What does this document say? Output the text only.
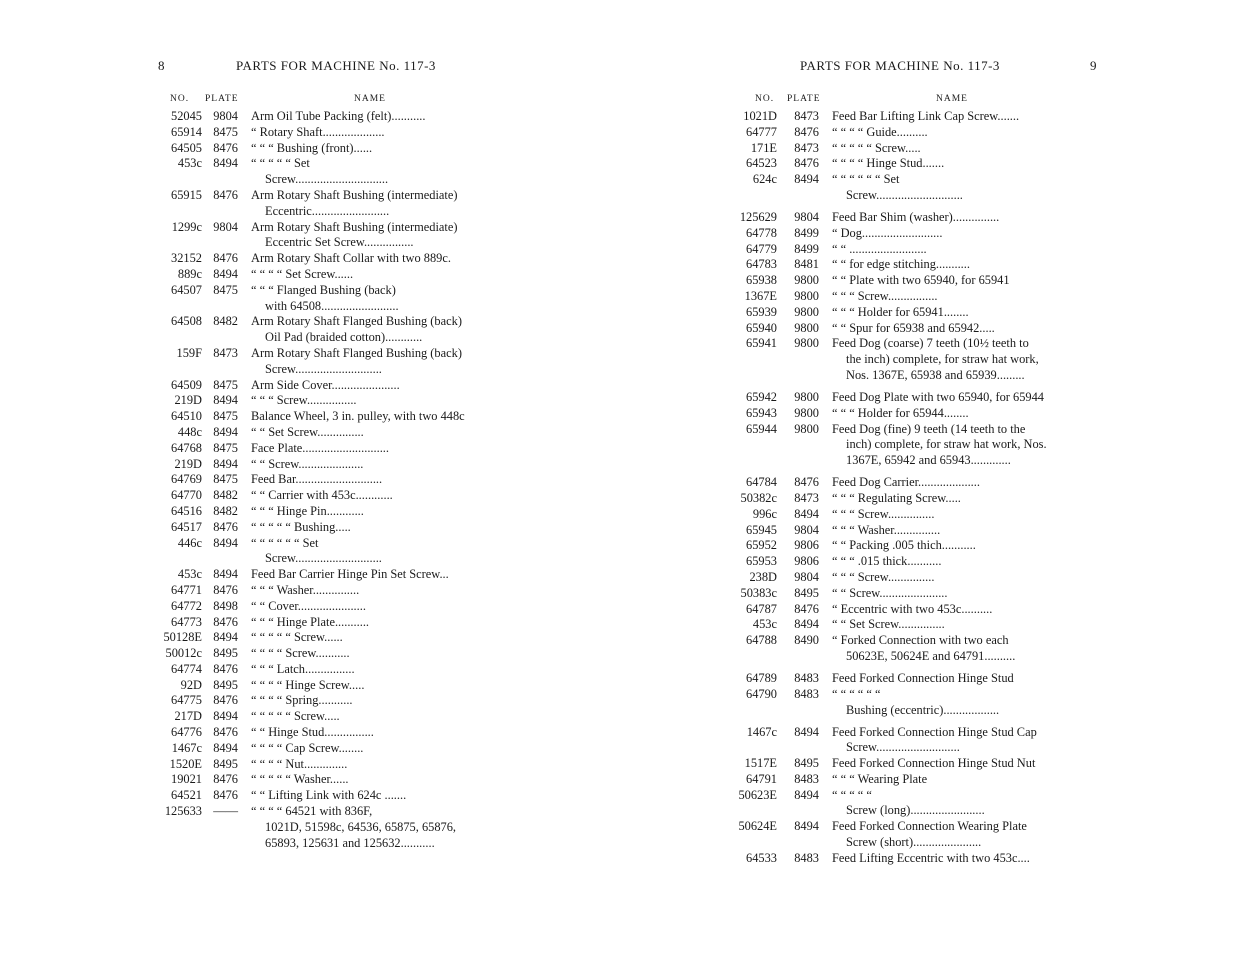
8	PARTS FOR MACHINE No. 117-3
NO. PLATE	NAME
52045 9804 Arm Oil Tube Packing (felt)...........
65914 8475 “ Rotary Shaft....................
64505 8476 “ “ “ Bushing (front)......
453c 8494 “ “ “ “ “ Set
Screw..............................
65915 8476 Arm Rotary Shaft Bushing (intermediate)
Eccentric.........................
1299c 9804 Arm Rotary Shaft Bushing (intermediate)
Eccentric Set Screw................
32152 8476 Arm Rotary Shaft Collar with two 889c.
889c 8494 “ “ “ “ Set Screw......
64507 8475 “ “ “ Flanged Bushing (back)
with 64508.........................
64508 8482 Arm Rotary Shaft Flanged Bushing (back)
Oil Pad (braided cotton)............
159F 8473 Arm Rotary Shaft Flanged Bushing (back)
Screw............................
64509 8475 Arm Side Cover......................
219D 8494 “ “ “ Screw................
64510 8475 Balance Wheel, 3 in. pulley, with two 448c
448c 8494 “ “ Set Screw...............
64768 8475 Face Plate............................
219D 8494 “ “ Screw.....................
64769 8475 Feed Bar............................
64770 8482 “ “ Carrier with 453c............
64516 8482 “ “ “ Hinge Pin............
64517 8476 “ “ “ “ “ Bushing.....
446c 8494 “ “ “ “ “ “ Set
Screw............................
453c 8494 Feed Bar Carrier Hinge Pin Set Screw...
64771 8476 “ “ “ Washer...............
64772 8498 “ “ Cover......................
64773 8476 “ “ “ Hinge Plate...........
50128E 8494 “ “ “ “ “ Screw......
50012c 8495 “ “ “ “ Screw...........
64774 8476 “ “ “ Latch................
92D 8495 “ “ “ “ Hinge Screw.....
64775 8476 “ “ “ “ Spring...........
217D 8494 “ “ “ “ “ Screw.....
64776 8476 “ “ Hinge Stud................
1467c 8494 “ “ “ “ Cap Screw........
1520E 8495 “ “ “ “ Nut..............
19021 8476 “ “ “ “ “ Washer......
64521 8476 “ “ Lifting Link with 624c .......
125633 —— “ “ “ “ 64521 with 836F,
1021D, 51598c, 64536, 65875, 65876,
65893, 125631 and 125632...........
PARTS FOR MACHINE No. 117-3	9
NO. PLATE	NAME
1021D	8473 Feed Bar Lifting Link Cap Screw.......
64777	8476 “ “ “ “ Guide..........
171E	8473 “ “ “ “ “ Screw.....
64523	8476 “ “ “ “ Hinge Stud.......
624c	8494 “ “ “ “ “ “ Set
Screw............................
125629	9804 Feed Bar Shim (washer)...............
64778	8499 “ Dog..........................
64779	8499 “ “ .........................
64783	8481 “ “ for edge stitching...........
65938	9800 “ “ Plate with two 65940, for 65941
1367E	9800 “ “ “ Screw................
65939	9800 “ “ “ Holder for 65941........
65940	9800 “ “ Spur for 65938 and 65942.....
65941	9800 Feed Dog (coarse) 7 teeth (10½ teeth to
the inch) complete, for straw hat work,
Nos. 1367E, 65938 and 65939.........
65942	9800 Feed Dog Plate with two 65940, for 65944
65943	9800 “ “ “ Holder for 65944........
65944	9800 Feed Dog (fine) 9 teeth (14 teeth to the
inch) complete, for straw hat work, Nos.
1367E, 65942 and 65943.............
64784	8476 Feed Dog Carrier....................
50382c	8473 “ “ “ Regulating Screw.....
996c	8494 “ “ “ Screw...............
65945	9804 “ “ “ Washer...............
65952	9806 “ “ Packing .005 thich...........
65953	9806 “ “ “ .015 thick...........
238D	9804 “ “ “ Screw...............
50383c	8495 “ “ Screw......................
64787	8476 “ Eccentric with two 453c..........
453c	8494 “ “ Set Screw...............
64788	8490 “ Forked Connection with two each
50623E, 50624E and 64791..........
64789	8483 Feed Forked Connection Hinge Stud
64790	8483 “ “ “ “ “ “
Bushing (eccentric)..................
1467c	8494 Feed Forked Connection Hinge Stud Cap
Screw...........................
1517E	8495 Feed Forked Connection Hinge Stud Nut
64791	8483 “ “ “ Wearing Plate
50623E	8494 “ “ “ “ “
Screw (long)........................
50624E	8494 Feed Forked Connection Wearing Plate
Screw (short)......................
64533	8483 Feed Lifting Eccentric with two 453c....
